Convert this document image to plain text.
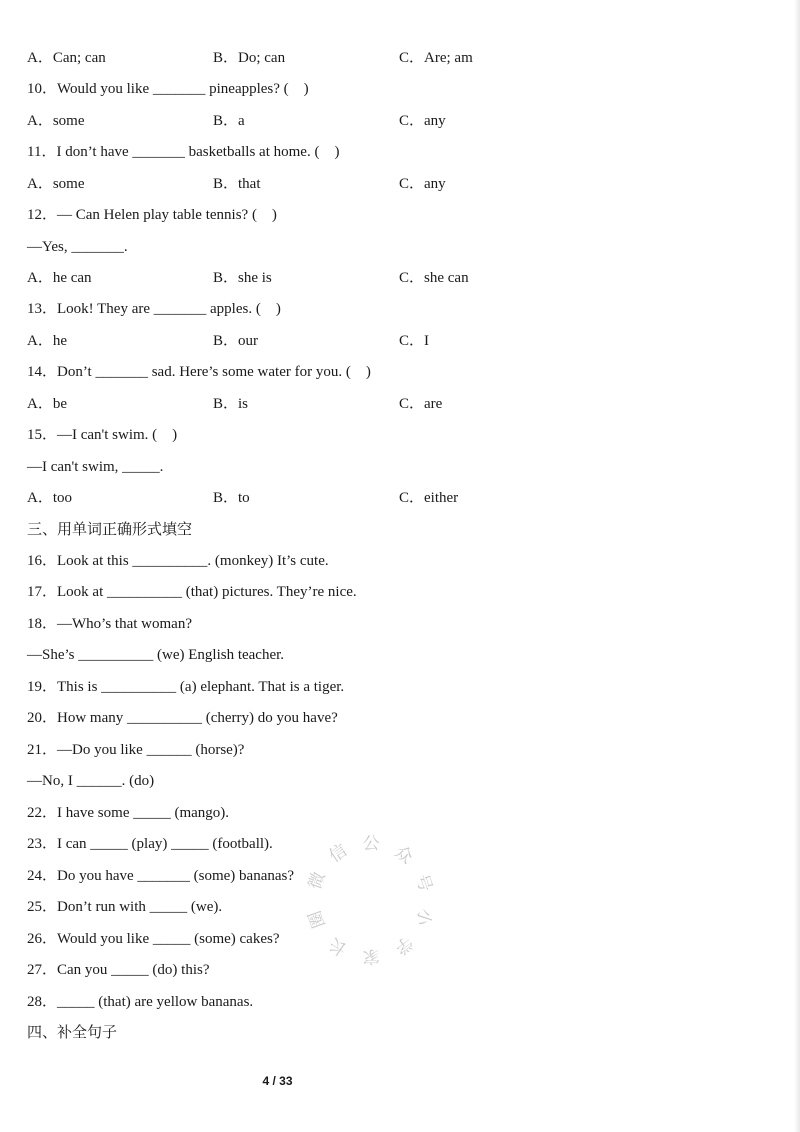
A．Can; can	B．Do; can	C．Are; am
10．Would you like _______ pineapples? (    )
A．some	B．a	C．any
11．I don’t have _______ basketballs at home. (    )
A．some	B．that	C．any
12．— Can Helen play table tennis? (    )
—Yes, _______.
A．he can	B．she is	C．she can
13．Look! They are _______ apples. (    )
A．he	B．our	C．I
14．Don’t _______ sad. Here’s some water for you. (    )
A．be	B．is	C．are
15．—I can't swim. (    )
—I can't swim, _____.
A．too	B．to	C．either
三、用单词正确形式填空
16．Look at this __________. (monkey) It’s cute.
17．Look at __________ (that) pictures. They’re nice.
18．—Who’s that woman?
—She’s __________ (we) English teacher.
19．This is __________ (a) elephant. That is a tiger.
20．How many __________ (cherry) do you have?
21．—Do you like ______ (horse)?
—No, I ______. (do)
22．I have some _____ (mango).
23．I can _____ (play) _____ (football).
24．Do you have _______ (some) bananas?
25．Don’t run with _____ (we).
26．Would you like _____ (some) cakes?
27．Can you _____ (do) this?
28．_____ (that) are yellow bananas.
四、补全句子
微
信 公 众
号
小
学
家
长
圈
4 / 33
